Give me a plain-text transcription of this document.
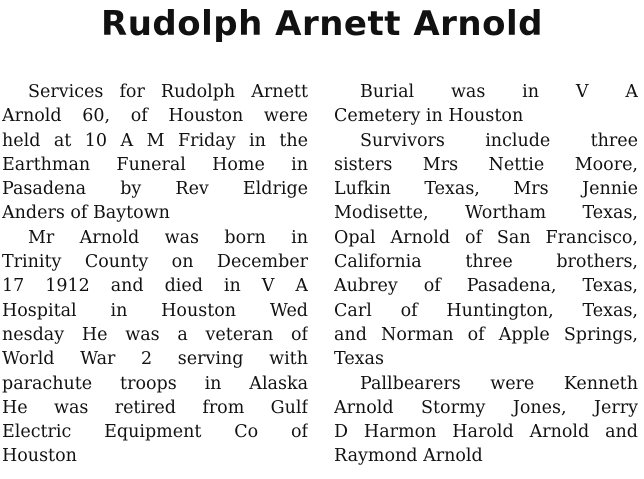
Rudolph Arnett Arnold
Services for Rudolph Arnett
Arnold 60, of Houston were
held at 10 A M Friday in the
Earthman Funeral Home in
Pasadena by Rev Eldrige
Anders of Baytown
Mr Arnold was born in
Trinity County on December
17 1912 and died in V A
Hospital in Houston Wed
nesday He was a veteran of
World War 2 serving with
parachute troops in Alaska
He was retired from Gulf
Electric Equipment Co of
Houston
Burial was in V A
Cemetery in Houston
Survivors include three
sisters Mrs Nettie Moore,
Lufkin Texas, Mrs Jennie
Modisette, Wortham Texas,
Opal Arnold of San Francisco,
California three brothers,
Aubrey of Pasadena, Texas,
Carl of Huntington, Texas,
and Norman of Apple Springs,
Texas
Pallbearers were Kenneth
Arnold Stormy Jones, Jerry
D Harmon Harold Arnold and
Raymond Arnold
